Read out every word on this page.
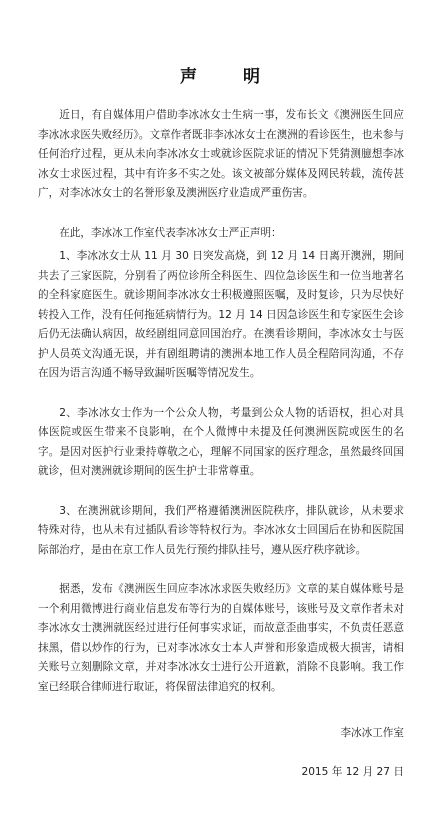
声 明

近日，有自媒体用户借助李冰冰女士生病一事，发布长文《澳洲医生回应李冰冰求医失败经历》。文章作者既非李冰冰女士在澳洲的看诊医生，也未参与任何治疗过程，更从未向李冰冰女士或就诊医院求证的情况下凭猜测臆想李冰冰女士求医过程，其中有许多不实之处。该文被部分媒体及网民转载，流传甚广，对李冰冰女士的名誉形象及澳洲医疗业造成严重伤害。

在此，李冰冰工作室代表李冰冰女士严正声明：

1、李冰冰女士从 11 月 30 日突发高烧，到 12 月 14 日离开澳洲，期间共去了三家医院，分别看了两位诊所全科医生、四位急诊医生和一位当地著名的全科家庭医生。就诊期间李冰冰女士积极遵照医嘱，及时复诊，只为尽快好转投入工作，没有任何拖延病情行为。12 月 14 日因急诊医生和专家医生会诊后仍无法确认病因，故经剧组同意回国治疗。在澳看诊期间，李冰冰女士与医护人员英文沟通无误，并有剧组聘请的澳洲本地工作人员全程陪同沟通，不存在因为语言沟通不畅导致漏听医嘱等情况发生。

2、李冰冰女士作为一个公众人物，考量到公众人物的话语权，担心对具体医院或医生带来不良影响，在个人微博中未提及任何澳洲医院或医生的名字。是因对医护行业秉持尊敬之心，理解不同国家的医疗理念，虽然最终回国就诊，但对澳洲就诊期间的医生护士非常尊重。

3、在澳洲就诊期间，我们严格遵循澳洲医院秩序，排队就诊，从未要求特殊对待，也从未有过插队看诊等特权行为。李冰冰女士回国后在协和医院国际部治疗，是由在京工作人员先行预约排队挂号，遵从医疗秩序就诊。

据悉，发布《澳洲医生回应李冰冰求医失败经历》文章的某自媒体账号是一个利用微博进行商业信息发布等行为的自媒体账号，该账号及文章作者未对李冰冰女士澳洲就医经过进行任何事实求证，而故意歪曲事实，不负责任恶意抹黑，借以炒作的行为，已对李冰冰女士本人声誉和形象造成极大损害，请相关账号立刻删除文章，并对李冰冰女士进行公开道歉，消除不良影响。我工作室已经联合律师进行取证，将保留法律追究的权利。

李冰冰工作室
2015 年 12 月 27 日
